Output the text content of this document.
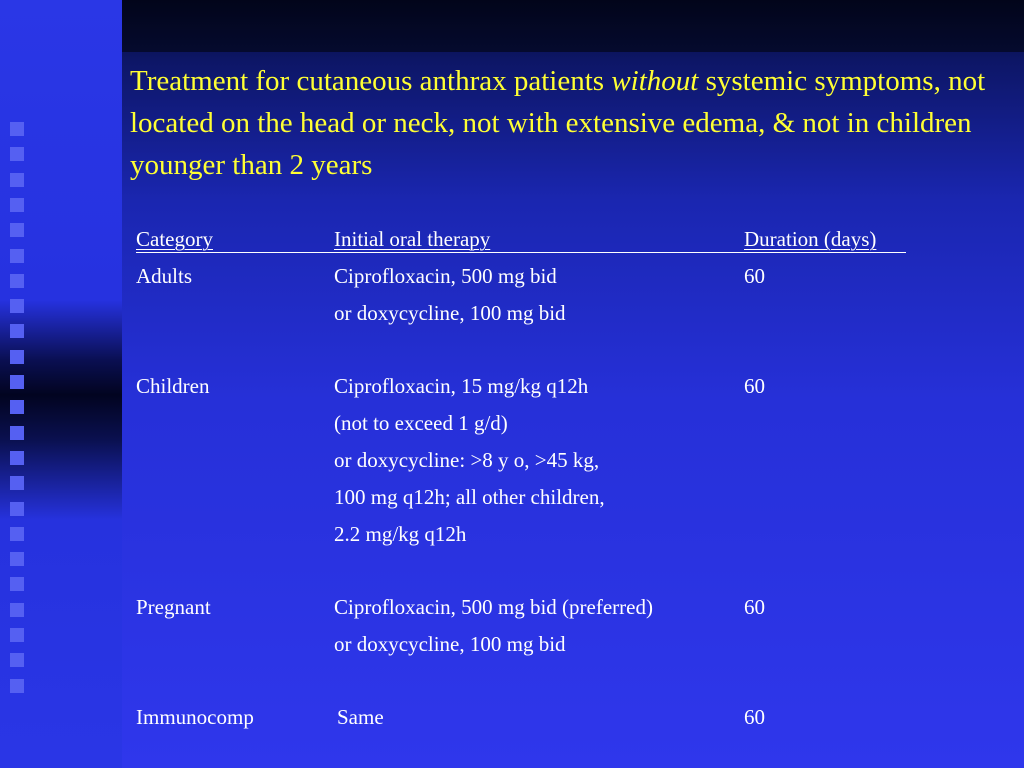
Treatment for cutaneous anthrax patients without systemic symptoms, not located on the head or neck, not with extensive edema, & not in children younger than 2 years
Category	Initial oral therapy	Duration (days)
Adults	Ciprofloxacin, 500 mg bid	60
or doxycycline, 100 mg bid
Children	Ciprofloxacin, 15 mg/kg q12h	60
(not to exceed 1 g/d)
or doxycycline: >8 y o, >45 kg,
100 mg q12h; all other children,
2.2 mg/kg q12h
Pregnant	Ciprofloxacin, 500 mg bid (preferred)	60
or doxycycline, 100 mg bid
Immunocomp	Same	60
